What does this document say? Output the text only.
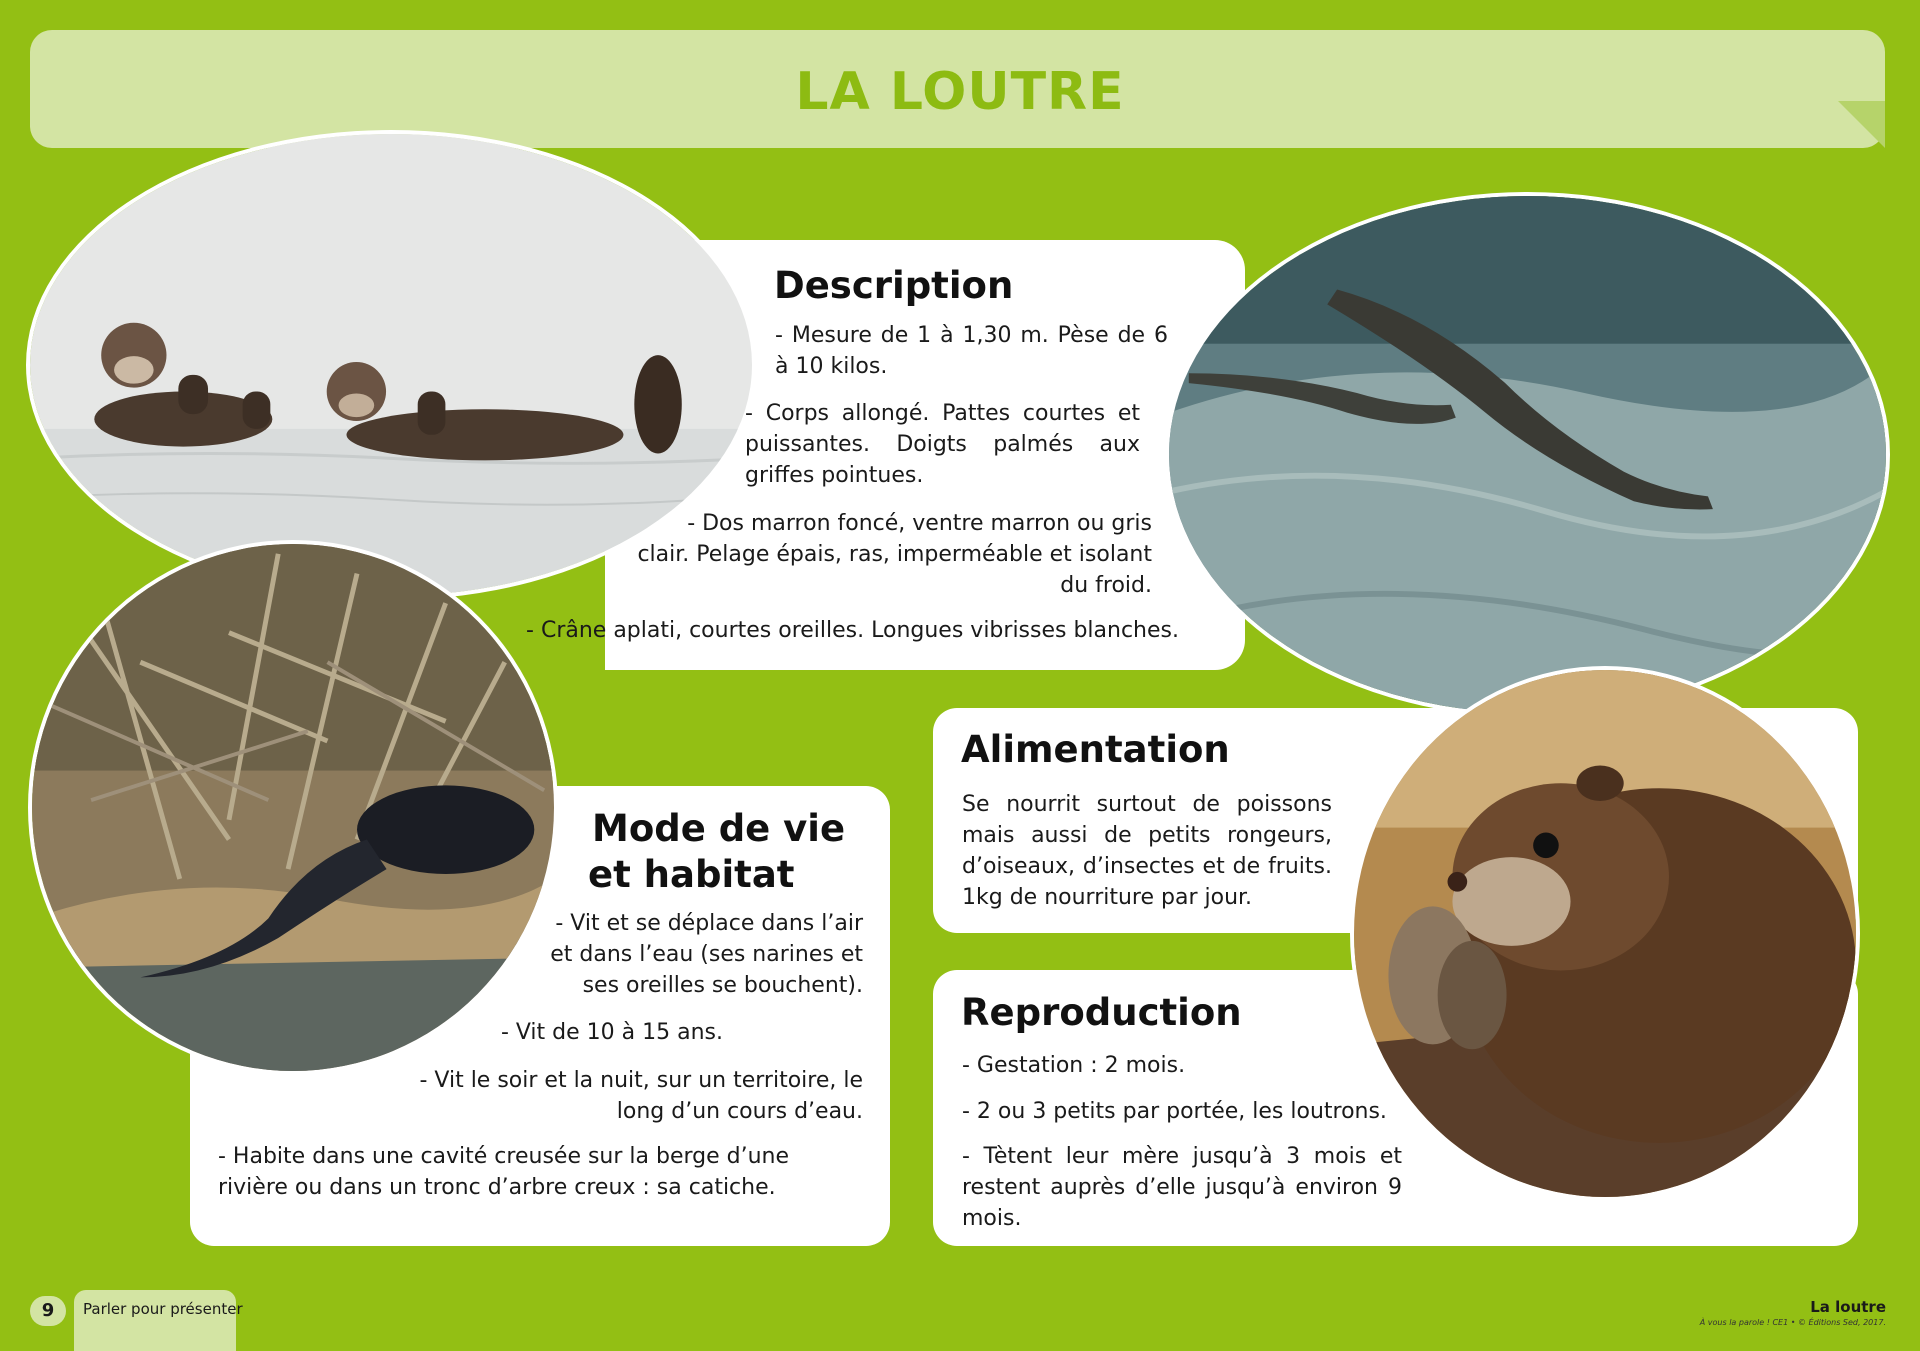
LA LOUTRE
Description

- Mesure de 1 à 1,30 m. Pèse de 6 à 10 kilos.

- Corps allongé. Pattes courtes et puissantes. Doigts palmés aux griffes pointues.

- Dos marron foncé, ventre marron ou gris clair. Pelage épais, ras, imperméable et isolant du froid.

- Crâne aplati, courtes oreilles. Longues vibrisses blanches.

Mode de vie
et habitat

- Vit et se déplace dans l’air et dans l’eau (ses narines et ses oreilles se bouchent).

- Vit de 10 à 15 ans.

- Vit le soir et la nuit, sur un territoire, le long d’un cours d’eau.

- Habite dans une cavité creusée sur la berge d’une rivière ou dans un tronc d’arbre creux : sa catiche.

Alimentation

Se nourrit surtout de poissons mais aussi de petits rongeurs, d’oiseaux, d’insectes et de fruits. 1kg de nourriture par jour.

Reproduction

- Gestation : 2 mois.

- 2 ou 3 petits par portée, les loutrons.

- Tètent leur mère jusqu’à 3 mois et restent auprès d’elle jusqu’à environ 9 mois.

9	Parler pour présenter	La loutre
À vous la parole ! CE1 • © Éditions Sed, 2017.
